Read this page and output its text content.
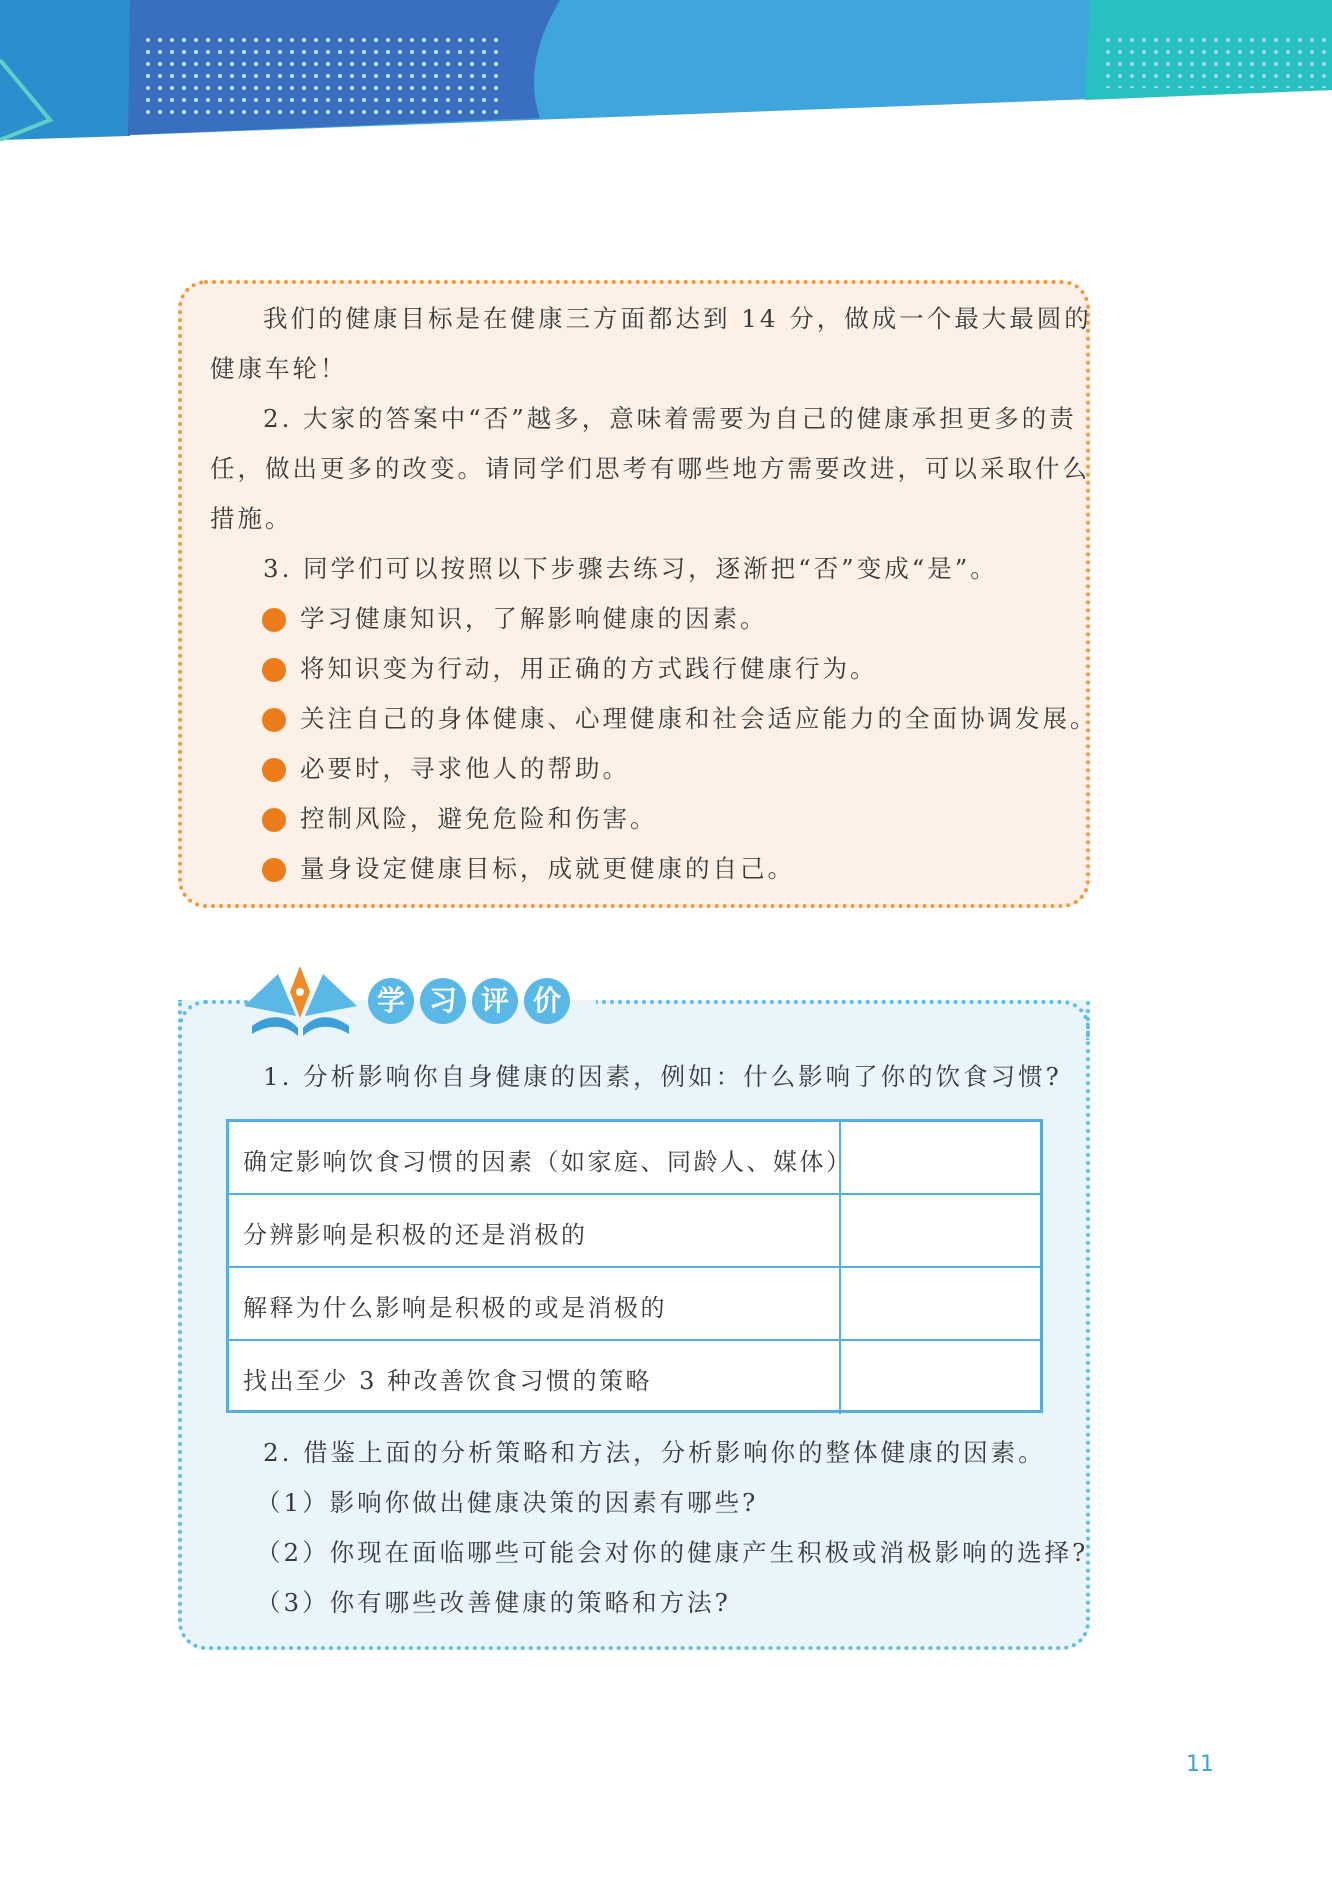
我们的健康目标是在健康三方面都达到 14 分，做成一个最大最圆的
健康车轮！
2. 大家的答案中“否”越多，意味着需要为自己的健康承担更多的责
任，做出更多的改变。请同学们思考有哪些地方需要改进，可以采取什么
措施。
3. 同学们可以按照以下步骤去练习，逐渐把“否”变成“是”。
学习健康知识，了解影响健康的因素。
将知识变为行动，用正确的方式践行健康行为。
关注自己的身体健康、心理健康和社会适应能力的全面协调发展。
必要时，寻求他人的帮助。
控制风险，避免危险和伤害。
量身设定健康目标，成就更健康的自己。
学 习 评 价
1. 分析影响你自身健康的因素，例如：什么影响了你的饮食习惯?
确定影响饮食习惯的因素（如家庭、同龄人、媒体）
分辨影响是积极的还是消极的
解释为什么影响是积极的或是消极的
找出至少 3 种改善饮食习惯的策略
2. 借鉴上面的分析策略和方法，分析影响你的整体健康的因素。
（1）影响你做出健康决策的因素有哪些?
（2）你现在面临哪些可能会对你的健康产生积极或消极影响的选择?
（3）你有哪些改善健康的策略和方法?
11
